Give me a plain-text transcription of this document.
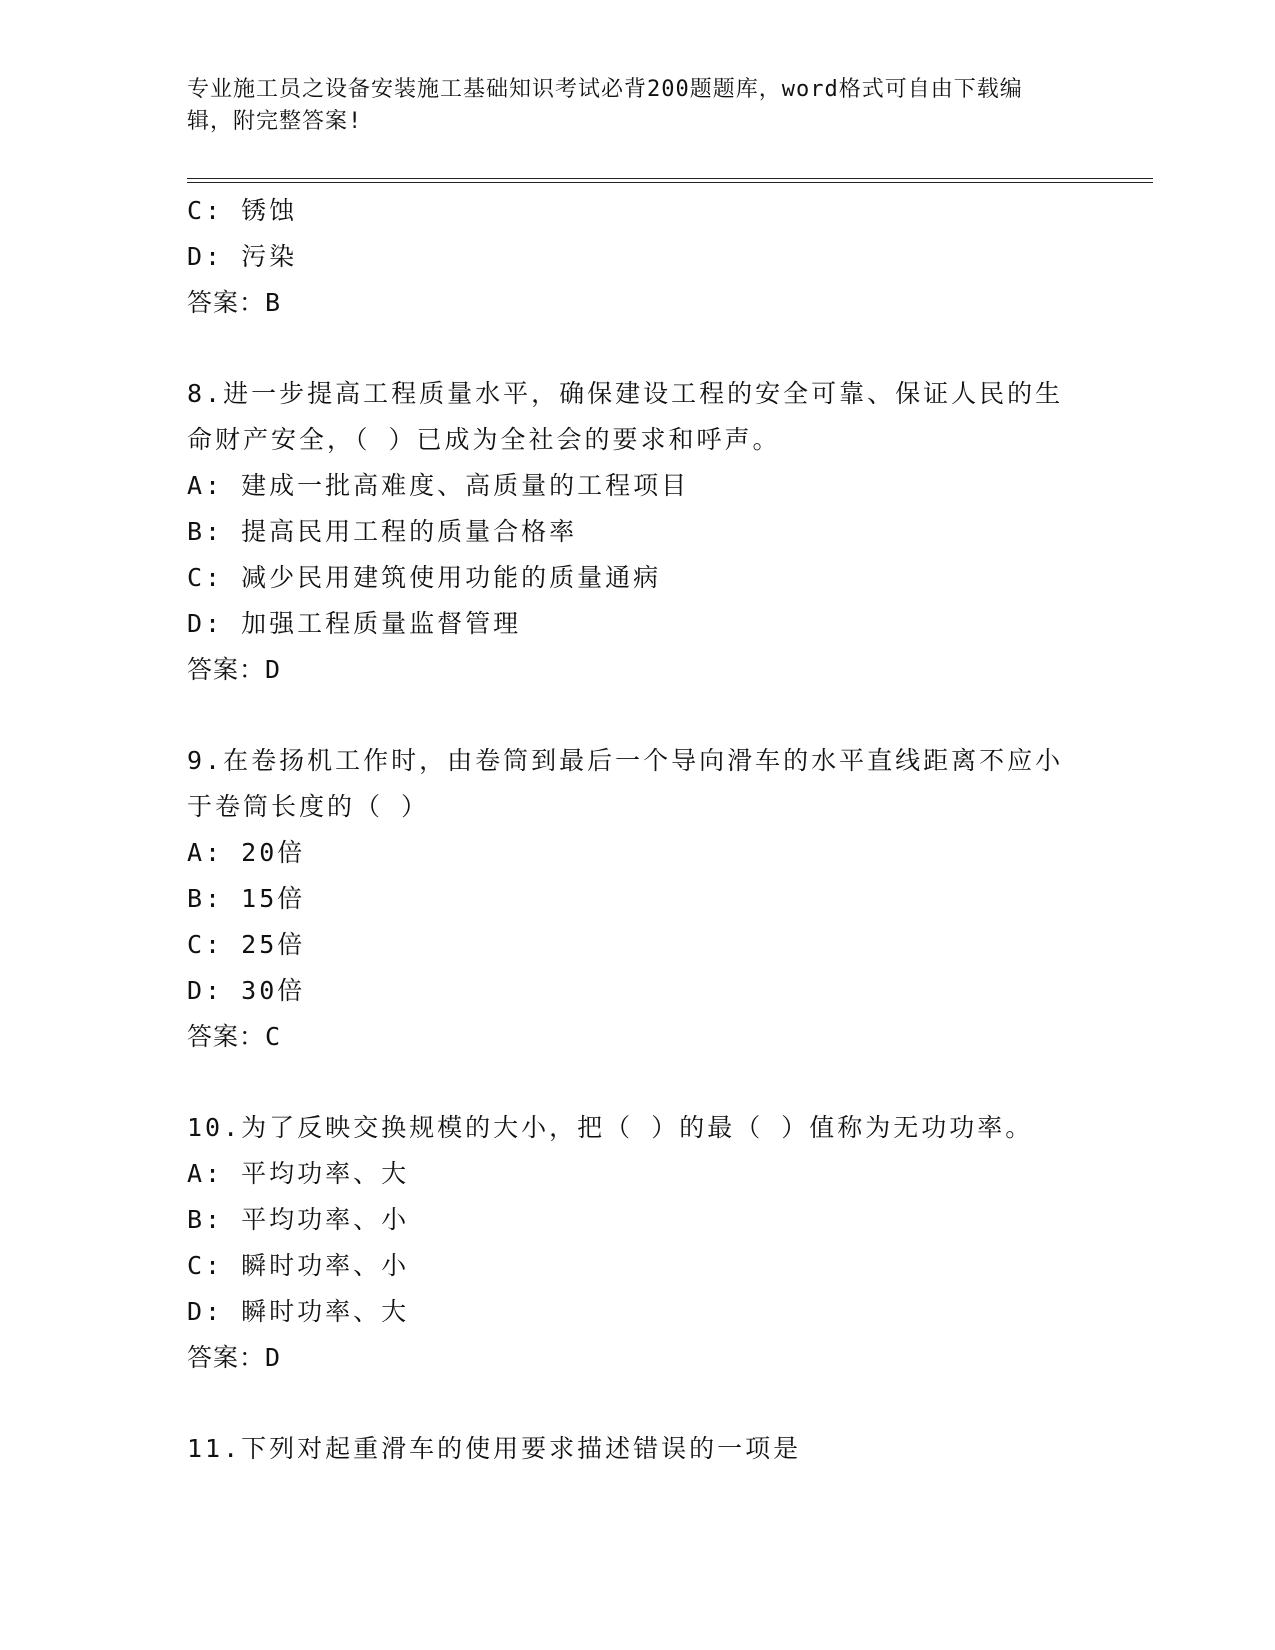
专业施工员之设备安装施工基础知识考试必背200题题库，word格式可自由下载编辑，附完整答案!
C: 锈蚀
D: 污染
答案：B
8.进一步提高工程质量水平，确保建设工程的安全可靠、保证人民的生命财产安全，（ ）已成为全社会的要求和呼声。
A: 建成一批高难度、高质量的工程项目
B: 提高民用工程的质量合格率
C: 减少民用建筑使用功能的质量通病
D: 加强工程质量监督管理
答案：D
9.在卷扬机工作时，由卷筒到最后一个导向滑车的水平直线距离不应小于卷筒长度的（ ）
A: 20倍
B: 15倍
C: 25倍
D: 30倍
答案：C
10.为了反映交换规模的大小，把（ ）的最（ ）值称为无功功率。
A: 平均功率、大
B: 平均功率、小
C: 瞬时功率、小
D: 瞬时功率、大
答案：D
11.下列对起重滑车的使用要求描述错误的一项是
